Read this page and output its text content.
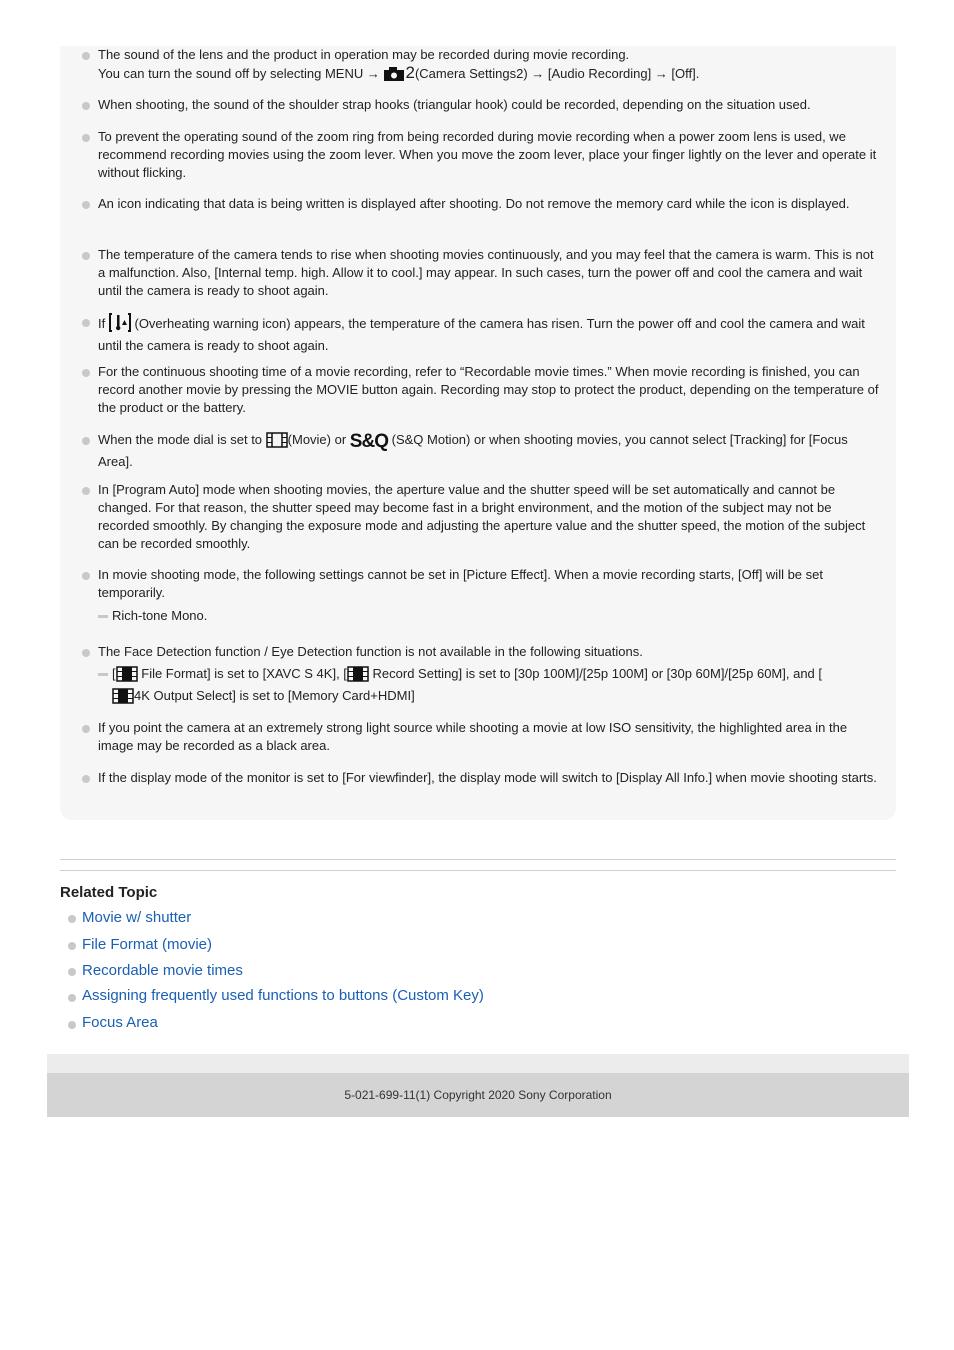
The sound of the lens and the product in operation may be recorded during movie recording.
You can turn the sound off by selecting MENU → 2(Camera Settings2) → [Audio Recording] → [Off].
When shooting, the sound of the shoulder strap hooks (triangular hook) could be recorded, depending on the situation used.
To prevent the operating sound of the zoom ring from being recorded during movie recording when a power zoom lens is used, we recommend recording movies using the zoom lever. When you move the zoom lever, place your finger lightly on the lever and operate it without flicking.
An icon indicating that data is being written is displayed after shooting. Do not remove the memory card while the icon is displayed.
The temperature of the camera tends to rise when shooting movies continuously, and you may feel that the camera is warm. This is not a malfunction. Also, [Internal temp. high. Allow it to cool.] may appear. In such cases, turn the power off and cool the camera and wait until the camera is ready to shoot again.
If (Overheating warning icon) appears, the temperature of the camera has risen. Turn the power off and cool the camera and wait until the camera is ready to shoot again.
For the continuous shooting time of a movie recording, refer to “Recordable movie times.” When movie recording is finished, you can record another movie by pressing the MOVIE button again. Recording may stop to protect the product, depending on the temperature of the product or the battery.
When the mode dial is set to (Movie) or S&Q (S&Q Motion) or when shooting movies, you cannot select [Tracking] for [Focus Area].
In [Program Auto] mode when shooting movies, the aperture value and the shutter speed will be set automatically and cannot be changed. For that reason, the shutter speed may become fast in a bright environment, and the motion of the subject may not be recorded smoothly. By changing the exposure mode and adjusting the aperture value and the shutter speed, the motion of the subject can be recorded smoothly.
In movie shooting mode, the following settings cannot be set in [Picture Effect]. When a movie recording starts, [Off] will be set temporarily.
Rich-tone Mono.
The Face Detection function / Eye Detection function is not available in the following situations.
[ File Format] is set to [XAVC S 4K], [ Record Setting] is set to [30p 100M]/[25p 100M] or [30p 60M]/[25p 60M], and [
4K Output Select] is set to [Memory Card+HDMI]
If you point the camera at an extremely strong light source while shooting a movie at low ISO sensitivity, the highlighted area in the image may be recorded as a black area.
If the display mode of the monitor is set to [For viewfinder], the display mode will switch to [Display All Info.] when movie shooting starts.
Related Topic
Movie w/ shutter
File Format (movie)
Recordable movie times
Assigning frequently used functions to buttons (Custom Key)
Focus Area
5-021-699-11(1) Copyright 2020 Sony Corporation
